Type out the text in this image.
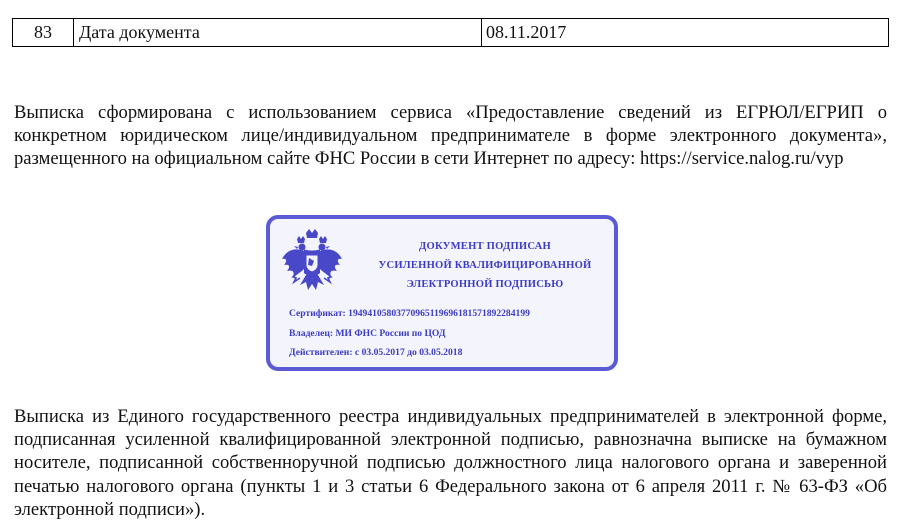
83	Дата документа	08.11.2017

Выписка сформирована с использованием сервиса «Предоставление сведений из ЕГРЮЛ/ЕГРИП о конкретном юридическом лице/индивидуальном предпринимателе в форме электронного документа», размещенного на официальном сайте ФНС России в сети Интернет по адресу: https://service.nalog.ru/vyp

ДОКУМЕНТ ПОДПИСАН
УСИЛЕННОЙ КВАЛИФИЦИРОВАННОЙ
ЭЛЕКТРОННОЙ ПОДПИСЬЮ
Сертификат: 194941058037709651196961815718922841​99
Владелец: МИ ФНС России по ЦОД
Действителен: с 03.05.2017 до 03.05.2018

Выписка из Единого государственного реестра индивидуальных предпринимателей в электронной форме, подписанная усиленной квалифицированной электронной подписью, равнозначна выписке на бумажном носителе, подписанной собственноручной подписью должностного лица налогового органа и заверенной печатью налогового органа (пункты 1 и 3 статьи 6 Федерального закона от 6 апреля 2011 г. № 63-ФЗ «Об электронной подписи»).
